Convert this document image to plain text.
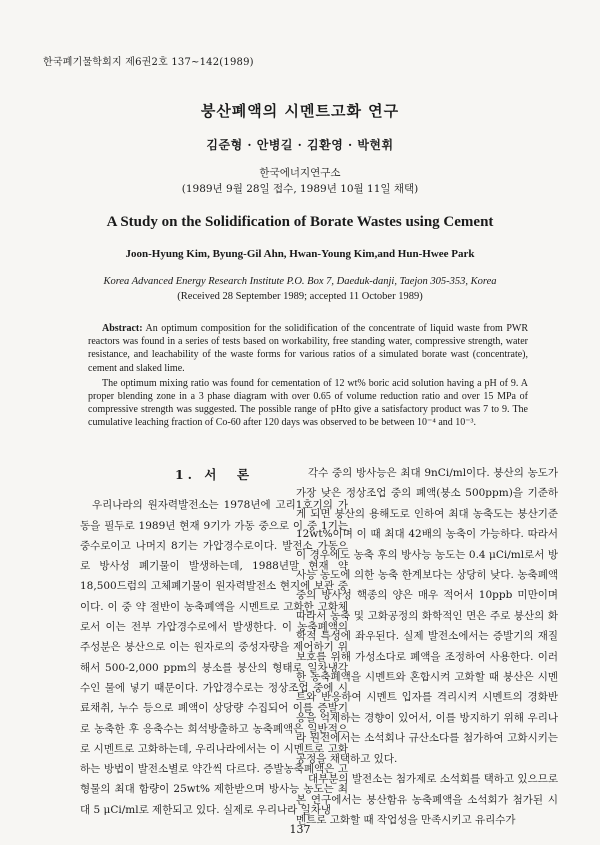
한국폐기물학회지 제6권2호 137~142(1989)
붕산폐액의 시멘트고화 연구
김준형 · 안병길 · 김환영 · 박현휘
한국에너지연구소
(1989년 9월 28일 접수, 1989년 10월 11일 채택)
A Study on the Solidification of Borate Wastes using Cement
Joon-Hyung Kim, Byung-Gil Ahn, Hwan-Young Kim,and Hun-Hwee Park
Korea Advanced Energy Research Institute P.O. Box 7, Daeduk-danji, Taejon 305-353, Korea
(Received 28 September 1989; accepted 11 October 1989)

Abstract: An optimum composition for the solidification of the concentrate of liquid waste from PWR reactors was found in a series of tests based on workability, free standing water, compressive strength, water resistance, and leachability of the waste forms for various ratios of a simulated borate wast (concentrate), cement and slaked lime.

The optimum mixing ratio was found for cementation of 12 wt% boric acid solution having a pH of 9. A proper blending zone in a 3 phase diagram with over 0.65 of volume reduction ratio and over 15 MPa of compressive strength was suggested. The possible range of pHto give a satisfactory product was 7 to 9. The cumulative leaching fraction of Co-60 after 120 days was observed to be between 10⁻⁴ and 10⁻³.

1. 서　론

우리나라의 원자력발전소는 1978년에 고리1호기의 가동을 필두로 1989년 현재 9기가 가동 중으로 이 중 1기는 중수로이고 나머지 8기는 가압경수로이다. 발전소 가동으로 방사성 폐기물이 발생하는데, 1988년말 현재 약 18,500드럼의 고체폐기물이 원자력발전소 현지에 보관 중이다. 이 중 약 절반이 농축폐액을 시멘트로 고화한 고화체로서 이는 전부 가압경수로에서 발생한다. 이 농축폐액의 주성분은 붕산으로 이는 원자로의 중성자량을 제어하기 위해서 500-2,000 ppm의 붕소를 붕산의 형태로 일차냉각수인 물에 넣기 때문이다. 가압경수로는 정상조업 중에 시료채취, 누수 등으로 폐액이 상당량 수집되어 이를 증발기로 농축한 후 응축수는 희석방출하고 농축폐액은 일반적으로 시멘트로 고화하는데, 우리나라에서는 이 시멘트로 고화하는 방법이 발전소별로 약간씩 다르다. 증발농축폐액은 고형물의 최대 함량이 25wt% 제한받으며 방사능 농도는 최대 5 μCi/ml로 제한되고 있다. 실제로 우리나라 일차냉

각수 중의 방사능은 최대 9nCi/ml이다. 붕산의 농도가 가장 낮은 정상조업 중의 폐액(붕소 500ppm)을 기준하게 되면 붕산의 용해도로 인하여 최대 농축도는 붕산기준 12wt%이며 이 때 최대 42배의 농축이 가능하다. 따라서 이 경우에도 농축 후의 방사능 농도는 0.4 μCi/ml로서 방사능 농도에 의한 농축 한계보다는 상당히 낮다. 농축폐액 중의 방사성 핵종의 양은 매우 적어서 10ppb 미만이며 따라서 농축 및 고화공정의 화학적인 면은 주로 붕산의 화학적 특성에 좌우된다. 실제 발전소에서는 증발기의 재질보호를 위해 가성소다로 폐액을 조정하여 사용한다. 이러한 농축폐액을 시멘트와 혼합시켜 고화할 때 붕산은 시멘트와 반응하여 시멘트 입자를 격리시켜 시멘트의 경화반응을 억제하는 경향이 있어서, 이를 방지하기 위해 우리나라 원전에서는 소석회나 규산소다를 첨가하여 고화시키는 공정을 채택하고 있다.

대부분의 발전소는 첨가제로 소석회를 택하고 있으므로 본 연구에서는 붕산함유 농축폐액을 소석회가 첨가된 시멘트로 고화할 때 작업성을 만족시키고 유리수가

137
